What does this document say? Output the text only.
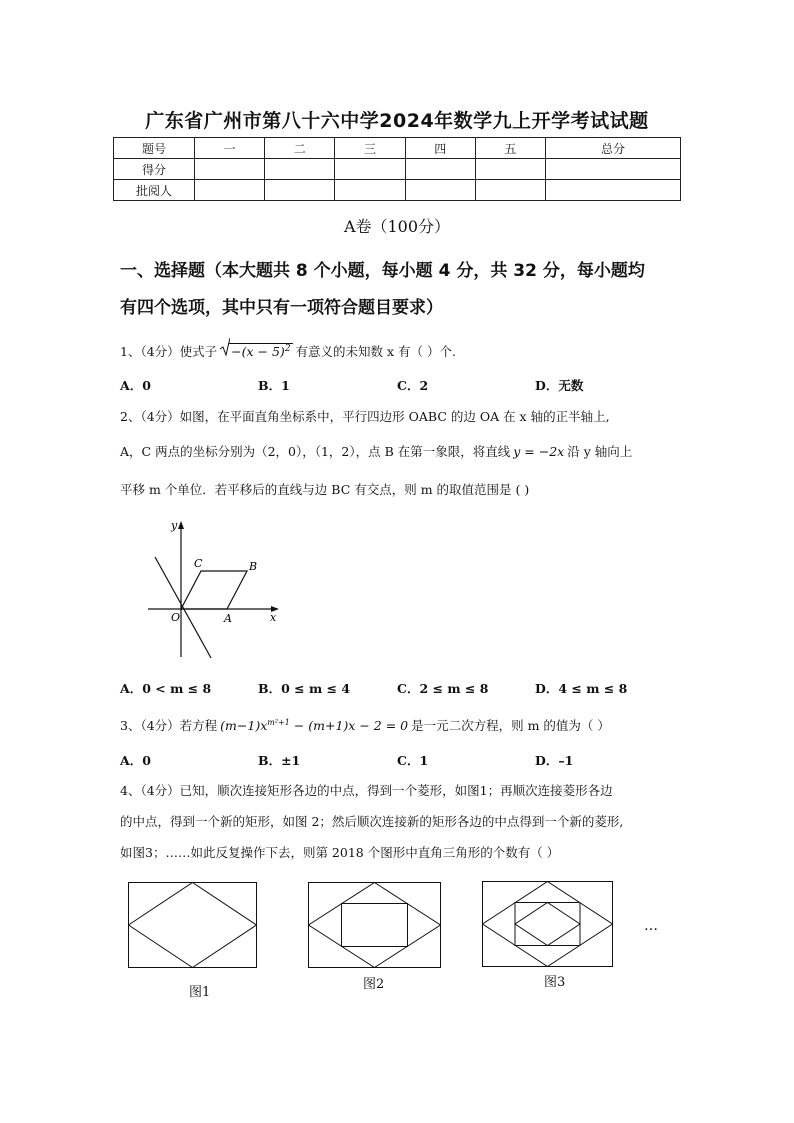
广东省广州市第八十六中学2024年数学九上开学考试试题
题号	一	二	三	四	五	总分
得分						
批阅人						
A卷（100分）
一、选择题（本大题共 8 个小题，每小题 4 分，共 32 分，每小题均
有四个选项，其中只有一项符合题目要求）
1、（4分）使式子 $-(x - 5)^2$ 有意义的未知数 x 有（ ）个.
A．0	B．1	C．2	D．无数
2、（4分）如图，在平面直角坐标系中，平行四边形 OABC 的边 OA 在 x 轴的正半轴上,
A，C 两点的坐标分别为（2，0），（1，2），点 B 在第一象限，将直线 y = −2x 沿 y 轴向上
平移 m 个单位．若平移后的直线与边 BC 有交点，则 m 的取值范围是 ( )
y
x
O	A
B
C
A．0 < m ≤ 8	B．0 ≤ m ≤ 4	C．2 ≤ m ≤ 8	D．4 ≤ m ≤ 8
3、（4分）若方程 $(m-1)x^{m^2+1} - (m+1)x - 2 = 0$ 是一元二次方程，则 m 的值为（ ）
A．0	B．±1	C．1	D．–1
4、（4分）已知，顺次连接矩形各边的中点，得到一个菱形，如图1；再顺次连接菱形各边
的中点，得到一个新的矩形，如图 2；然后顺次连接新的矩形各边的中点得到一个新的菱形,
如图3；……如此反复操作下去，则第 2018 个图形中直角三角形的个数有（ ）
图1
图2	图3
…
